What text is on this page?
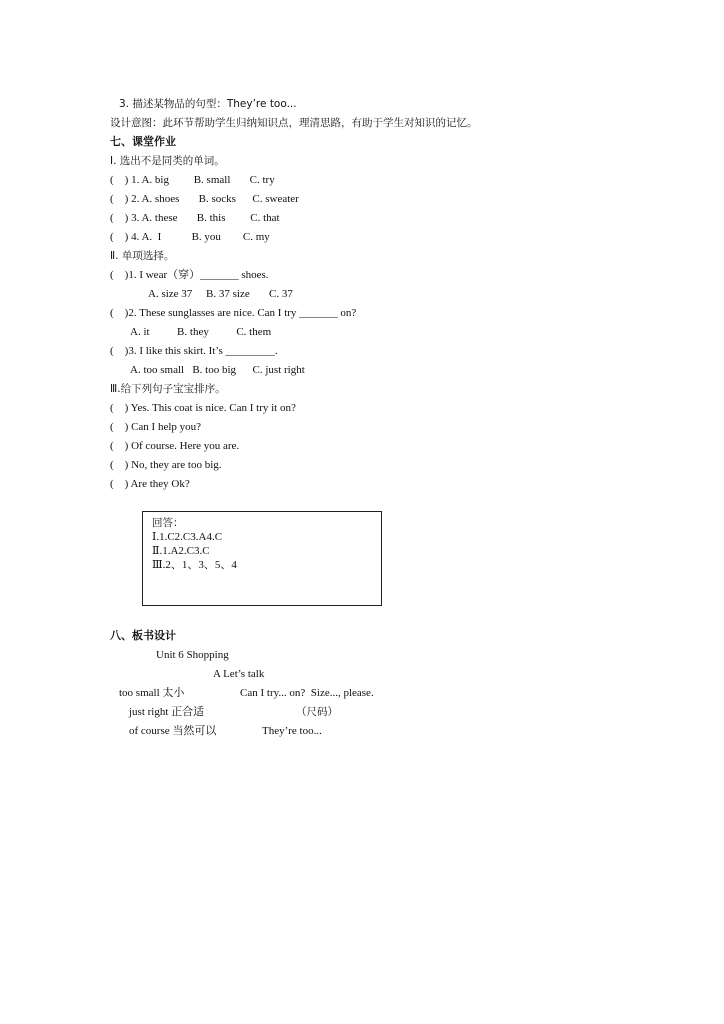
3. 描述某物品的句型：They’re too...
设计意图：此环节帮助学生归纳知识点，理清思路，有助于学生对知识的记忆。
七、课堂作业
Ⅰ. 选出不是同类的单词。
(    ) 1. A. big         B. small       C. try
(    ) 2. A. shoes       B. socks      C. sweater
(    ) 3. A. these       B. this         C. that
(    ) 4. A.  I           B. you        C. my
Ⅱ. 单项选择。
(    )1. I wear（穿）_______ shoes.
A. size 37     B. 37 size       C. 37
(    )2. These sunglasses are nice. Can I try _______ on?
A. it          B. they          C. them
(    )3. I like this skirt. It’s _________.
A. too small   B. too big      C. just right
Ⅲ.给下列句子宝宝排序。
(    ) Yes. This coat is nice. Can I try it on?
(    ) Can I help you?
(    ) Of course. Here you are.
(    ) No, they are too big.
(    ) Are they Ok?
回答：
Ⅰ.1.C2.C3.A4.C
Ⅱ.1.A2.C3.C
Ⅲ.2、1、3、5、4
八、板书设计
Unit 6 Shopping
A Let’s talk
too small 太小	Can I try... on?  Size..., please.
just right 正合适	（尺码）
of course 当然可以	They’re too...
